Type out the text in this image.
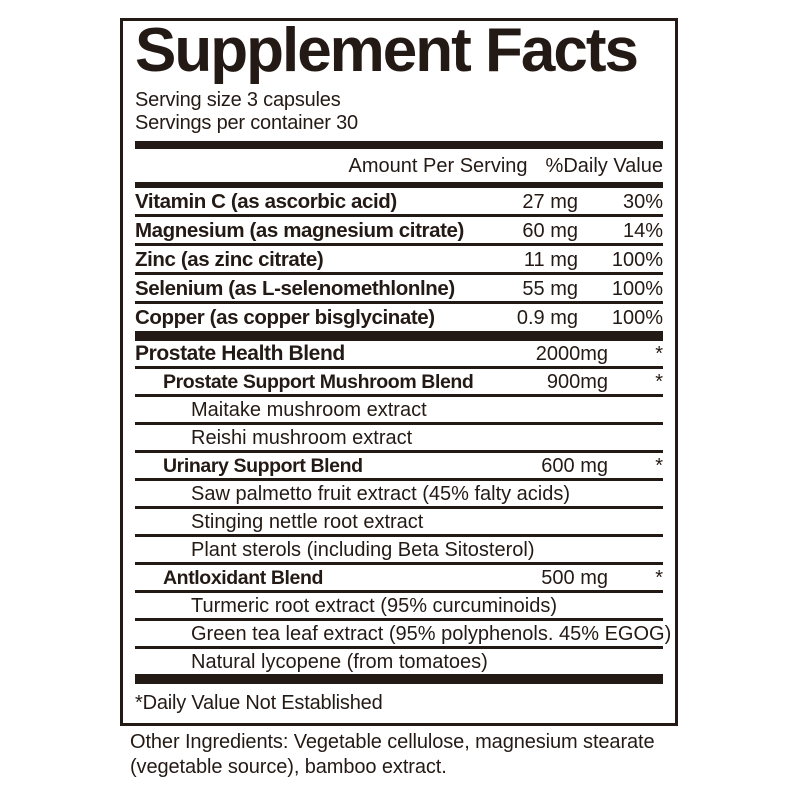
Supplement Facts
Serving size 3 capsules
Servings per container 30
Amount Per Serving %Daily Value
Vitamin C (as ascorbic acid)	27 mg	30%
Magnesium (as magnesium citrate)	60 mg	14%
Zinc (as zinc citrate)	11 mg	100%
Selenium (as L-selenomethlonlne)	55 mg	100%
Copper (as copper bisglycinate)	0.9 mg	100%
Prostate Health Blend	2000mg	*
Prostate Support Mushroom Blend	900mg	*
Maitake mushroom extract
Reishi mushroom extract
Urinary Support Blend	600 mg	*
Saw palmetto fruit extract (45% falty acids)
Stinging nettle root extract
Plant sterols (including Beta Sitosterol)
Antloxidant Blend	500 mg	*
Turmeric root extract (95% curcuminoids)
Green tea leaf extract (95% polyphenols. 45% EGOG)
Natural lycopene (from tomatoes)
*Daily Value Not Established

Other Ingredients: Vegetable cellulose, magnesium stearate (vegetable source), bamboo extract.
